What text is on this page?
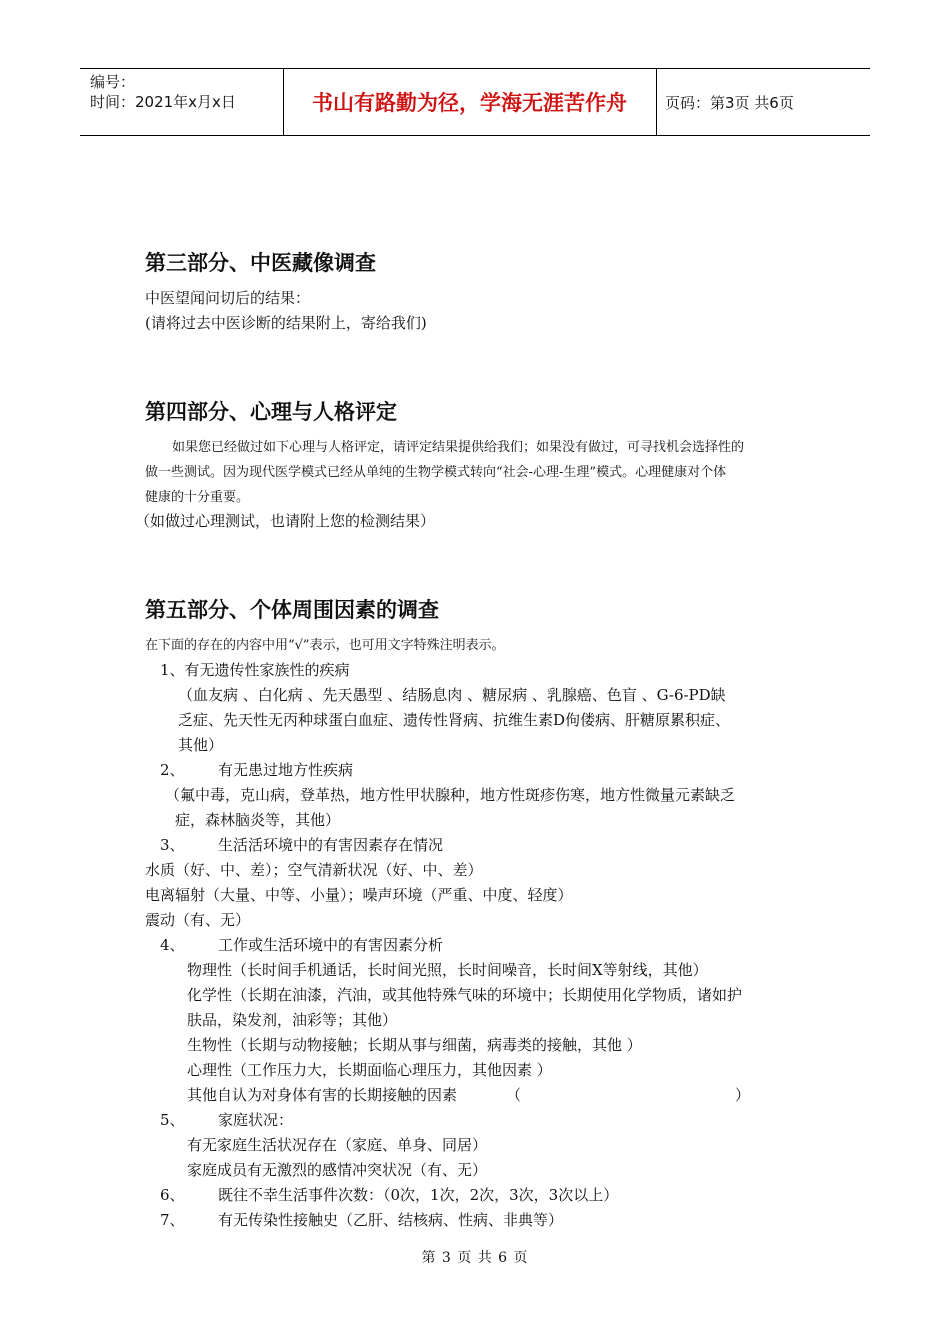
编号：
时间：2021年x月x日	书山有路勤为径，学海无涯苦作舟	页码：第3页 共6页
第三部分、中医藏像调查
中医望闻问切后的结果：
(请将过去中医诊断的结果附上，寄给我们)
第四部分、心理与人格评定
如果您已经做过如下心理与人格评定，请评定结果提供给我们；如果没有做过，可寻找机会选择性的
做一些测试。因为现代医学模式已经从单纯的生物学模式转向“社会-心理-生理”模式。心理健康对个体
健康的十分重要。
（如做过心理测试，也请附上您的检测结果）
第五部分、个体周围因素的调查
在下面的存在的内容中用“√”表示，也可用文字特殊注明表示。
1、有无遗传性家族性的疾病
（血友病 、白化病 、先天愚型 、结肠息肉 、糖尿病 、乳腺癌、色盲 、G-6-PD缺
乏症、先天性无丙种球蛋白血症、遗传性肾病、抗维生素D佝偻病、肝糖原累积症、
其他）
2、 有无患过地方性疾病
（氟中毒，克山病，登革热，地方性甲状腺种，地方性斑疹伤寒，地方性微量元素缺乏
症，森林脑炎等，其他）
3、 生活活环境中的有害因素存在情况
水质（好、中、差）；空气清新状况（好、中、差）
电离辐射（大量、中等、小量）；噪声环境（严重、中度、轻度）
震动（有、无）
4、 工作或生活环境中的有害因素分析
物理性（长时间手机通话，长时间光照，长时间噪音，长时间X等射线，其他）
化学性（长期在油漆，汽油，或其他特殊气味的环境中；长期使用化学物质，诸如护
肤品，染发剂，油彩等；其他）
生物性（长期与动物接触；长期从事与细菌，病毒类的接触，其他 ）
心理性（工作压力大，长期面临心理压力，其他因素 ）
其他自认为对身体有害的长期接触的因素	（	）
5、 家庭状况：
有无家庭生活状况存在（家庭、单身、同居）
家庭成员有无激烈的感情冲突状况（有、无）
6、 既往不幸生活事件次数：（0次，1次，2次，3次，3次以上）
7、 有无传染性接触史（乙肝、结核病、性病、非典等）
第 3 页 共 6 页
